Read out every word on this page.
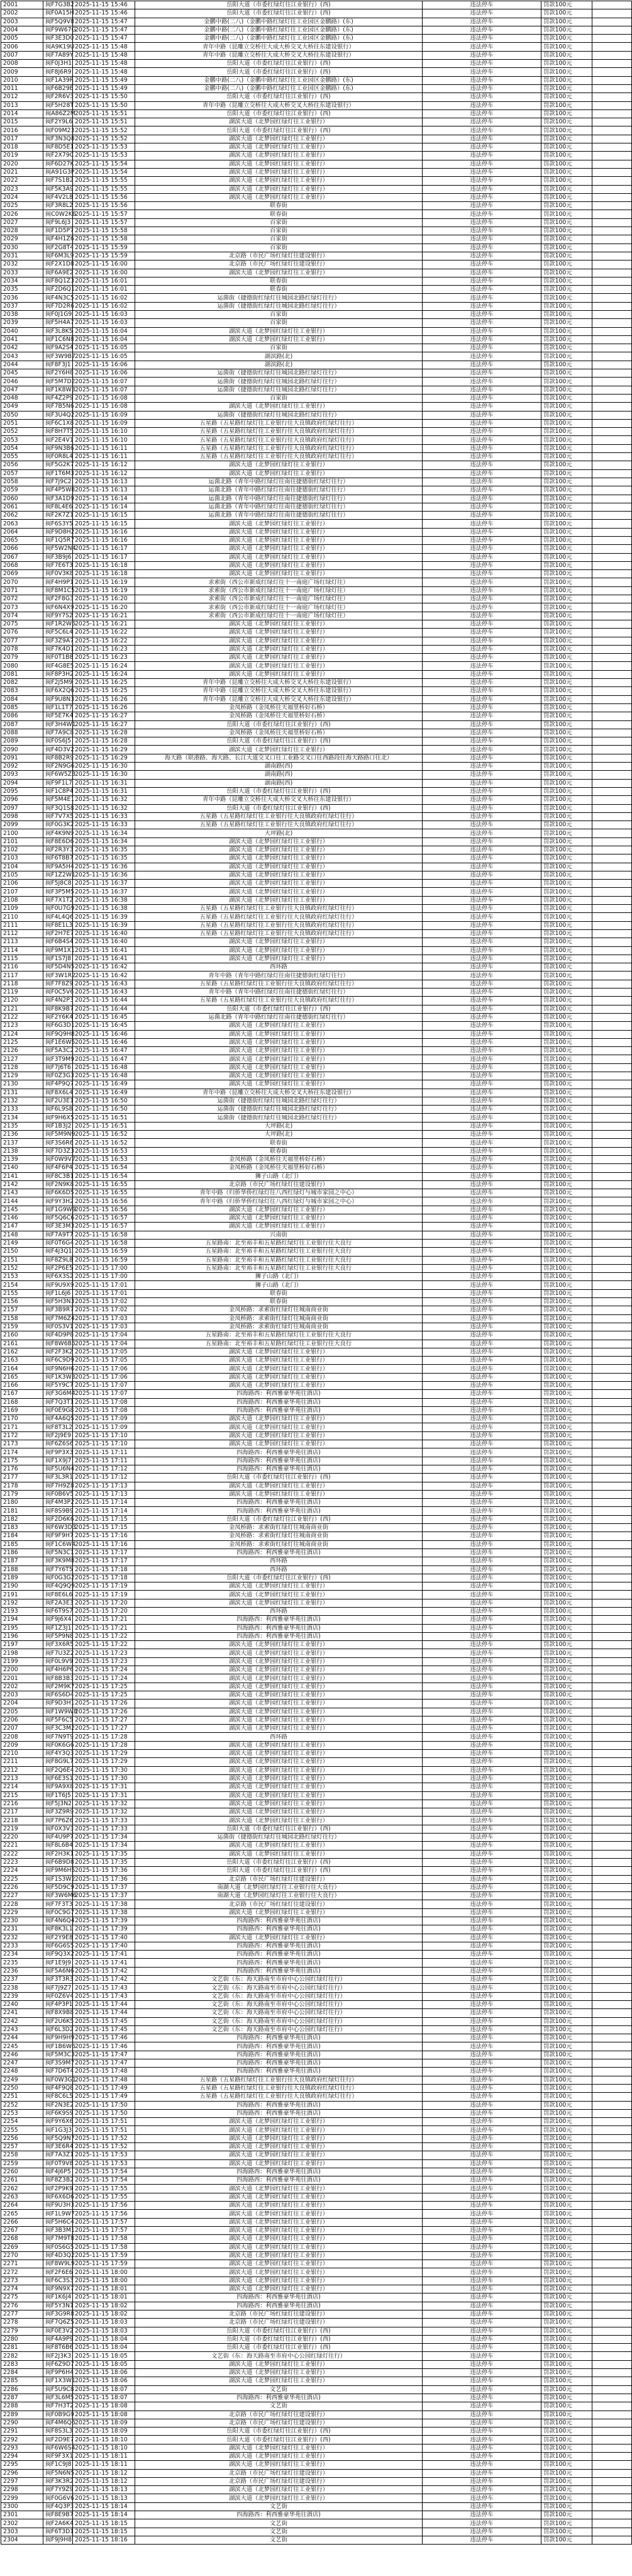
2001	闽F7G3B2	2025-11-15 15:46	岳阳大道（市委红绿灯往江业银行）(西)	违法停车	罚款100元	
2002	闽F0A15H	2025-11-15 15:46	岳阳大道（市委红绿灯往江业银行）(西)	违法停车	罚款100元	
2003	闽F5Q9V8	2025-11-15 15:47	金鹏中路(二八)（金鹏中路红绿灯往工业园区金鹏路）(东)	违法停车	罚款100元	
2004	闽F9W67G	2025-11-15 15:47	金鹏中路(二八)（金鹏中路红绿灯往工业园区金鹏路）(东)	违法停车	罚款100元	
2005	闽F3E3D0	2025-11-15 15:47	金鹏中路(二八)（金鹏中路红绿灯往工业园区金鹏路）(东)	违法停车	罚款100元	
2006	闽A9K19U	2025-11-15 15:48	青年中路（昆雕立交桥往大成大桥交叉大桥往东建设银行）	违法停车	罚款100元	
2007	闽F7A89Y	2025-11-15 15:48	青年中路（昆雕立交桥往大成大桥交叉大桥往东建设银行）	违法停车	罚款100元	
2008	闽F0J3H1	2025-11-15 15:48	岳阳大道（市委红绿灯往江业银行）(西)	违法停车	罚款100元	
2009	闽F8J6R9	2025-11-15 15:48	岳阳大道（市委红绿灯往江业银行）(西)	违法停车	罚款100元	
2010	闽F1A39R	2025-11-15 15:49	金鹏中路(二八)（金鹏中路红绿灯往工业园区金鹏路）(东)	违法停车	罚款100元	
2011	闽F6B29E	2025-11-15 15:49	金鹏中路(二八)（金鹏中路红绿灯往工业园区金鹏路）(东)	违法停车	罚款100元	
2012	闽F2R6V3	2025-11-15 15:50	岳阳大道（市委红绿灯往江业银行）(西)	违法停车	罚款100元	
2013	闽F5H28T	2025-11-15 15:50	青年中路（昆雕立交桥往大成大桥交叉大桥往东建设银行）	违法停车	罚款100元	
2014	闽A86Z2M	2025-11-15 15:51	岳阳大道（市委红绿灯往江业银行）(西)	违法停车	罚款100元	
2015	闽F2Y9L6	2025-11-15 15:51	湖滨大道（北梦园红绿灯往工业银行）	违法停车	罚款100元	
2016	闽F09M23	2025-11-15 15:52	岳阳大道（市委红绿灯往江业银行）(西)	违法停车	罚款100元	
2017	闽F3N3Q8	2025-11-15 15:52	湖滨大道（北梦园红绿灯往工业银行）	违法停车	罚款100元	
2018	闽F8D5E1	2025-11-15 15:53	湖滨大道（北梦园红绿灯往工业银行）	违法停车	罚款100元	
2019	闽F2X79C	2025-11-15 15:53	湖滨大道（北梦园红绿灯往工业银行）	违法停车	罚款100元	
2020	闽F6D27K	2025-11-15 15:54	湖滨大道（北梦园红绿灯往工业银行）	违法停车	罚款100元	
2021	闽A91G3P	2025-11-15 15:54	湖滨大道（北梦园红绿灯往工业银行）	违法停车	罚款100元	
2022	闽F7S1B2	2025-11-15 15:55	湖滨大道（北梦园红绿灯往工业银行）	违法停车	罚款100元	
2023	闽F5K3A9	2025-11-15 15:55	湖滨大道（北梦园红绿灯往工业银行）	违法停车	罚款100元	
2024	闽F4V2L8	2025-11-15 15:56	湖滨大道（北梦园红绿灯往工业银行）	违法停车	罚款100元	
2025	闽F3R8L2	2025-11-15 15:56	联春街	违法停车	罚款100元	
2026	闽C0W2K6	2025-11-15 15:57	联春街	违法停车	罚款100元	
2027	闽F9L6J3	2025-11-15 15:57	百家街	违法停车	罚款100元	
2028	闽F1D5P7	2025-11-15 15:58	百家街	违法停车	罚款100元	
2029	闽F4H1Z6	2025-11-15 15:58	百家街	违法停车	罚款100元	
2030	闽F2G8T4	2025-11-15 15:59	百家街	违法停车	罚款100元	
2031	闽F6M3L9	2025-11-15 15:59	北京路（市民广场红绿灯往建设银行）	违法停车	罚款100元	
2032	闽F2X1D8	2025-11-15 16:00	北京路（市民广场红绿灯往建设银行）	违法停车	罚款100元	
2033	闽F6A9E2	2025-11-15 16:00	湖滨大道（北梦园红绿灯往工业银行）	违法停车	罚款100元	
2034	闽F8Q1Z3	2025-11-15 16:01	联春街	违法停车	罚款100元	
2035	闽F2D6Q1	2025-11-15 16:01	联春街	违法停车	罚款100元	
2036	闽F4N3C5	2025-11-15 16:02	运菌街（捷德街红绿灯往城园北路红绿灯往行）	违法停车	罚款100元	
2037	闽F7D2R6	2025-11-15 16:02	运菌街（捷德街红绿灯往城园北路红绿灯往行）	违法停车	罚款100元	
2038	闽F0J1G9	2025-11-15 16:03	百家街	违法停车	罚款100元	
2039	闽F5H4A7	2025-11-15 16:03	百家街	违法停车	罚款100元	
2040	闽F3L8K5	2025-11-15 16:04	湖滨大道（北梦园红绿灯往工业银行）	违法停车	罚款100元	
2041	闽F1C6N8	2025-11-15 16:04	湖滨大道（北梦园红绿灯往工业银行）	违法停车	罚款100元	
2042	闽F9A2S4	2025-11-15 16:05	百家街	违法停车	罚款100元	
2043	闽F3W9B7	2025-11-15 16:05	湖滨路(北)	违法停车	罚款100元	
2044	闽F8F3J1	2025-11-15 16:06	湖滨路(北)	违法停车	罚款100元	
2045	闽F2Y6H8	2025-11-15 16:06	运菌街（捷德街红绿灯往城园北路红绿灯往行）	违法停车	罚款100元	
2046	闽F5M7D2	2025-11-15 16:07	运菌街（捷德街红绿灯往城园北路红绿灯往行）	违法停车	罚款100元	
2047	闽F1K8W3	2025-11-15 16:07	运菌街（捷德街红绿灯往城园北路红绿灯往行）	违法停车	罚款100元	
2048	闽F4Z2P9	2025-11-15 16:08	百家街	违法停车	罚款100元	
2049	闽F7B5N6	2025-11-15 16:08	湖滨大道（北梦园红绿灯往工业银行）	违法停车	罚款100元	
2050	闽F3U4Q2	2025-11-15 16:09	运菌街（捷德街红绿灯往城园北路红绿灯往行）	违法停车	罚款100元	
2051	闽F6C1X8	2025-11-15 16:09	五星路（五星路红绿灯往工业银行往大良镇政府红绿灯往行）	违法停车	罚款100元	
2052	闽F8H7T5	2025-11-15 16:10	五星路（五星路红绿灯往工业银行往大良镇政府红绿灯往行）	违法停车	罚款100元	
2053	闽F2E4V1	2025-11-15 16:10	五星路（五星路红绿灯往工业银行往大良镇政府红绿灯往行）	违法停车	罚款100元	
2054	闽F9N3B6	2025-11-15 16:11	五星路（五星路红绿灯往工业银行往大良镇政府红绿灯往行）	违法停车	罚款100元	
2055	闽F0R8L4	2025-11-15 16:11	五星路（五星路红绿灯往工业银行往大良镇政府红绿灯往行）	违法停车	罚款100元	
2056	闽F5G2K7	2025-11-15 16:12	湖滨大道（北梦园红绿灯往工业银行）	违法停车	罚款100元	
2057	闽F1T6M3	2025-11-15 16:12	湖滨大道（北梦园红绿灯往工业银行）	违法停车	罚款100元	
2058	闽F7J9C2	2025-11-15 16:13	运菌北路（青年中路红绿灯往南往捷德街红绿灯往行）	违法停车	罚款100元	
2059	闽F4P5W8	2025-11-15 16:13	运菌北路（青年中路红绿灯往南往捷德街红绿灯往行）	违法停车	罚款100元	
2060	闽F3A1D9	2025-11-15 16:14	运菌北路（青年中路红绿灯往南往捷德街红绿灯往行）	违法停车	罚款100元	
2061	闽F8L4E6	2025-11-15 16:14	运菌北路（青年中路红绿灯往南往捷德街红绿灯往行）	违法停车	罚款100元	
2062	闽F2K7Z1	2025-11-15 16:15	运菌北路（青年中路红绿灯往南往捷德街红绿灯往行）	违法停车	罚款100元	
2063	闽F6S3Y5	2025-11-15 16:15	湖滨大道（北梦园红绿灯往工业银行）	违法停车	罚款100元	
2064	闽F9D8H2	2025-11-15 16:16	湖滨大道（北梦园红绿灯往工业银行）	违法停车	罚款100元	
2065	闽F1Q5R7	2025-11-15 16:16	湖滨大道（北梦园红绿灯往工业银行）	违法停车	罚款100元	
2066	闽F5W2N4	2025-11-15 16:17	湖滨大道（北梦园红绿灯往工业银行）	违法停车	罚款100元	
2067	闽F3B9J6	2025-11-15 16:17	湖滨大道（北梦园红绿灯往工业银行）	违法停车	罚款100元	
2068	闽F7E6T3	2025-11-15 16:18	湖滨大道（北梦园红绿灯往工业银行）	违法停车	罚款100元	
2069	闽F0V3K8	2025-11-15 16:18	湖滨大道（北梦园红绿灯往工业银行）	违法停车	罚款100元	
2070	闽F4H9P1	2025-11-15 16:19	求索街（西公市新成红绿灯往十一南庭广场红绿灯往）	违法停车	罚款100元	
2071	闽F8M1C5	2025-11-15 16:19	求索街（西公市新成红绿灯往十一南庭广场红绿灯往）	违法停车	罚款100元	
2072	闽F2F8G3	2025-11-15 16:20	求索街（西公市新成红绿灯往十一南庭广场红绿灯往）	违法停车	罚款100元	
2073	闽F6N4X9	2025-11-15 16:20	求索街（西公市新成红绿灯往十一南庭广场红绿灯往）	违法停车	罚款100元	
2074	闽F9Y7S2	2025-11-15 16:21	求索街（西公市新成红绿灯往十一南庭广场红绿灯往）	违法停车	罚款100元	
2075	闽F1R2W6	2025-11-15 16:21	湖滨大道（北梦园红绿灯往工业银行）	违法停车	罚款100元	
2076	闽F5C6L4	2025-11-15 16:22	湖滨大道（北梦园红绿灯往工业银行）	违法停车	罚款100元	
2077	闽F3Z9A7	2025-11-15 16:22	湖滨大道（北梦园红绿灯往工业银行）	违法停车	罚款100元	
2078	闽F7K4D1	2025-11-15 16:23	湖滨大道（北梦园红绿灯往工业银行）	违法停车	罚款100元	
2079	闽F0T1B8	2025-11-15 16:23	湖滨大道（北梦园红绿灯往工业银行）	违法停车	罚款100元	
2080	闽F4G8E5	2025-11-15 16:24	湖滨大道（北梦园红绿灯往工业银行）	违法停车	罚款100元	
2081	闽F8P3H2	2025-11-15 16:24	湖滨大道（北梦园红绿灯往工业银行）	违法停车	罚款100元	
2082	闽F2J5M9	2025-11-15 16:25	青年中路（昆雕立交桥往大成大桥交叉大桥往东建设银行）	违法停车	罚款100元	
2083	闽F6X2Q6	2025-11-15 16:25	青年中路（昆雕立交桥往大成大桥交叉大桥往东建设银行）	违法停车	罚款100元	
2084	闽F9U8N3	2025-11-15 16:26	青年中路（昆雕立交桥往大成大桥交叉大桥往东建设银行）	违法停车	罚款100元	
2085	闽F1L1T7	2025-11-15 16:26	金凤桥路（金凤桥往天福里桥好石桥）	违法停车	罚款100元	
2086	闽F5E7K4	2025-11-15 16:27	金凤桥路（金凤桥往天福里桥好石桥）	违法停车	罚款100元	
2087	闽F3H4W1	2025-11-15 16:27	岳阳大道（市委红绿灯往江业银行）(西)	违法停车	罚款100元	
2088	闽F7A9C8	2025-11-15 16:28	金凤桥路（金凤桥往天福里桥好石桥）	违法停车	罚款100元	
2089	闽F0S6J5	2025-11-15 16:28	岳阳大道（市委红绿灯往江业银行）(西)	违法停车	罚款100元	
2090	闽F4D3V2	2025-11-15 16:29	湖滨大道（北梦园红绿灯往工业银行）	违法停车	罚款100元	
2091	闽F8B2R9	2025-11-15 16:29	海天路（联港路、海天路、长江大道交叉口往工业路交叉口往西路段往海天路路口往北）	违法停车	罚款100元	
2092	闽F2N9G6	2025-11-15 16:30	湖南路(西)	违法停车	罚款100元	
2093	闽F6W5Z3	2025-11-15 16:30	湖南路(西)	违法停车	罚款100元	
2094	闽F9F1L7	2025-11-15 16:31	湖南路(西)	违法停车	罚款100元	
2095	闽F1C8P4	2025-11-15 16:31	岳阳大道（市委红绿灯往江业银行）(西)	违法停车	罚款100元	
2096	闽F5M4E1	2025-11-15 16:32	青年中路（昆雕立交桥往大成大桥交叉大桥往东建设银行）	违法停车	罚款100元	
2097	闽F3Q1S8	2025-11-15 16:32	岳阳大道（市委红绿灯往江业银行）(西)	违法停车	罚款100元	
2098	闽F7V7X5	2025-11-15 16:33	五星路（五星路红绿灯往工业银行往大良镇政府红绿灯往行）	违法停车	罚款100元	
2099	闽F0G3K2	2025-11-15 16:33	五星路（五星路红绿灯往工业银行往大良镇政府红绿灯往行）	违法停车	罚款100元	
2100	闽F4K9N9	2025-11-15 16:34	大坪路(北)	违法停车	罚款100元	
2101	闽F8E6D6	2025-11-15 16:34	湖滨大道（北梦园红绿灯往工业银行）	违法停车	罚款100元	
2102	闽F2R3Y3	2025-11-15 16:35	湖滨大道（北梦园红绿灯往工业银行）	违法停车	罚款100元	
2103	闽F6T8B7	2025-11-15 16:35	湖滨大道（北梦园红绿灯往工业银行）	违法停车	罚款100元	
2104	闽F9A5H4	2025-11-15 16:36	湖滨大道（北梦园红绿灯往工业银行）	违法停车	罚款100元	
2105	闽F1Z2W1	2025-11-15 16:36	湖滨大道（北梦园红绿灯往工业银行）	违法停车	罚款100元	
2106	闽F5J8C8	2025-11-15 16:37	湖滨大道（北梦园红绿灯往工业银行）	违法停车	罚款100元	
2107	闽F3P5M5	2025-11-15 16:37	湖滨大道（北梦园红绿灯往工业银行）	违法停车	罚款100元	
2108	闽F7X1T2	2025-11-15 16:38	湖滨大道（北梦园红绿灯往工业银行）	违法停车	罚款100元	
2109	闽F0U7G9	2025-11-15 16:38	五星路（五星路红绿灯往工业银行往大良镇政府红绿灯往行）	违法停车	罚款100元	
2110	闽F4L4Q6	2025-11-15 16:39	五星路（五星路红绿灯往工业银行往大良镇政府红绿灯往行）	违法停车	罚款100元	
2111	闽F8E1L3	2025-11-15 16:39	五星路（五星路红绿灯往工业银行往大良镇政府红绿灯往行）	违法停车	罚款100元	
2112	闽F2H7E7	2025-11-15 16:40	五星路（五星路红绿灯往工业银行往大良镇政府红绿灯往行）	违法停车	罚款100元	
2113	闽F6B4S4	2025-11-15 16:40	湖滨大道（北梦园红绿灯往工业银行）	违法停车	罚款100元	
2114	闽F9M1X1	2025-11-15 16:41	湖滨大道（北梦园红绿灯往工业银行）	违法停车	罚款100元	
2115	闽F1S7J8	2025-11-15 16:41	湖滨大道（北梦园红绿灯往工业银行）	违法停车	罚款100元	
2116	闽F5D4N5	2025-11-15 16:42	西环路	违法停车	罚款100元	
2117	闽F3W1R2	2025-11-15 16:42	青年中路（青年中路红绿灯往南往捷德街红绿灯往行）	违法停车	罚款100元	
2118	闽F7F8Z9	2025-11-15 16:43	五星路（五星路红绿灯往工业银行往大良镇政府红绿灯往行）	违法停车	罚款100元	
2119	闽F0C5V6	2025-11-15 16:43	青年中路（青年中路红绿灯往南往捷德街红绿灯往行）	违法停车	罚款100元	
2120	闽F4N2P3	2025-11-15 16:44	五星路（五星路红绿灯往工业银行往大良镇政府红绿灯往行）	违法停车	罚款100元	
2121	闽F8K9B7	2025-11-15 16:44	岳阳大道（市委红绿灯往江业银行）(西)	违法停车	罚款100元	
2122	闽F2Y6K4	2025-11-15 16:45	运菌北路（青年中路红绿灯往南往捷德街红绿灯往行）	违法停车	罚款100元	
2123	闽F6G3D1	2025-11-15 16:45	湖滨大道（北梦园红绿灯往工业银行）	违法停车	罚款100元	
2124	闽F9Q9H8	2025-11-15 16:46	湖滨大道（北梦园红绿灯往工业银行）	违法停车	罚款100元	
2125	闽F1E6W5	2025-11-15 16:46	湖滨大道（北梦园红绿灯往工业银行）	违法停车	罚款100元	
2126	闽F5A3C2	2025-11-15 16:47	湖滨大道（北梦园红绿灯往工业银行）	违法停车	罚款100元	
2127	闽F3T9M9	2025-11-15 16:47	湖滨大道（北梦园红绿灯往工业银行）	违法停车	罚款100元	
2128	闽F7J6T6	2025-11-15 16:48	湖滨大道（北梦园红绿灯往工业银行）	违法停车	罚款100元	
2129	闽F0Z3G3	2025-11-15 16:48	湖滨大道（北梦园红绿灯往工业银行）	违法停车	罚款100元	
2130	闽F4P9Q7	2025-11-15 16:49	湖滨大道（北梦园红绿灯往工业银行）	违法停车	罚款100元	
2131	闽F8X6L4	2025-11-15 16:49	青年中路（昆雕立交桥往大成大桥交叉大桥往东建设银行）	违法停车	罚款100元	
2132	闽F2U3E1	2025-11-15 16:50	运菌街（捷德街红绿灯往城园北路红绿灯往行）	违法停车	罚款100元	
2133	闽F6L9S8	2025-11-15 16:50	运菌街（捷德街红绿灯往城园北路红绿灯往行）	违法停车	罚款100元	
2134	闽F9H6X5	2025-11-15 16:51	运菌街（捷德街红绿灯往城园北路红绿灯往行）	违法停车	罚款100元	
2135	闽F1B3J2	2025-11-15 16:51	大坪路(北)	违法停车	罚款100元	
2136	闽F5M9N9	2025-11-15 16:52	大坪路(北)	违法停车	罚款100元	
2137	闽F3S6R6	2025-11-15 16:52	联春街	违法停车	罚款100元	
2138	闽F7D3Z3	2025-11-15 16:53	联春街	违法停车	罚款100元	
2139	闽F0W9V7	2025-11-15 16:53	金凤桥路（金凤桥往天福里桥好石桥）	违法停车	罚款100元	
2140	闽F4F6P4	2025-11-15 16:54	金凤桥路（金凤桥往天福里桥好石桥）	违法停车	罚款100元	
2141	闽F8C3B1	2025-11-15 16:54	狮子山路（北门）	违法停车	罚款100元	
2142	闽F2N9K8	2025-11-15 16:55	北京路（市民广场红绿灯往建设银行）	违法停车	罚款100元	
2143	闽F6K6D5	2025-11-15 16:55	青年中路（归侨华侨红绿灯往八西红绿灯与城市家园之中心）	违法停车	罚款100元	
2144	闽F9Y3H2	2025-11-15 16:56	青年中路（归侨华侨红绿灯往八西红绿灯与城市家园之中心）	违法停车	罚款100元	
2145	闽F1G9W9	2025-11-15 16:56	湖滨大道（北梦园红绿灯往工业银行）	违法停车	罚款100元	
2146	闽F5Q6C6	2025-11-15 16:57	湖滨大道（北梦园红绿灯往工业银行）	违法停车	罚款100元	
2147	闽F3E3M3	2025-11-15 16:57	湖滨大道（北梦园红绿灯往工业银行）	违法停车	罚款100元	
2148	闽F7A9T7	2025-11-15 16:58	兴南街	违法停车	罚款100元	
2149	闽F0T6G4	2025-11-15 16:58	五星路南：北至裕丰和五星路红绿灯往工业银行往大良行	违法停车	罚款100元	
2150	闽F4J3Q1	2025-11-15 16:59	五星路南：北至裕丰和五星路红绿灯往工业银行往大良行	违法停车	罚款100元	
2151	闽F8Z9L8	2025-11-15 16:59	五星路南：北至裕丰和五星路红绿灯往工业银行往大良行	违法停车	罚款100元	
2152	闽F2P6E5	2025-11-15 17:00	五星路南：北至裕丰和五星路红绿灯往工业银行往大良行	违法停车	罚款100元	
2153	闽F6X3S2	2025-11-15 17:00	狮子山路（北门）	违法停车	罚款100元	
2154	闽F9U9X9	2025-11-15 17:01	狮子山路（北门）	违法停车	罚款100元	
2155	闽F1L6J6	2025-11-15 17:01	联春街	违法停车	罚款100元	
2156	闽F5H3N3	2025-11-15 17:02	联春街	违法停车	罚款100元	
2157	闽F3B9R7	2025-11-15 17:02	金凤桥路：求索街红绿灯往城南商业街	违法停车	罚款100元	
2158	闽F7M6Z4	2025-11-15 17:03	金凤桥路：求索街红绿灯往城南商业街	违法停车	罚款100元	
2159	闽F0S3V1	2025-11-15 17:03	金凤桥路：求索街红绿灯往城南商业街	违法停车	罚款100元	
2160	闽F4D9P8	2025-11-15 17:04	五星路南：北至裕丰和五星路红绿灯往工业银行往大良行	违法停车	罚款100元	
2161	闽F8W6B5	2025-11-15 17:04	五星路南：北至裕丰和五星路红绿灯往工业银行往大良行	违法停车	罚款100元	
2162	闽F2F3K2	2025-11-15 17:05	湖滨大道（北梦园红绿灯往工业银行）	违法停车	罚款100元	
2163	闽F6C9D9	2025-11-15 17:05	湖滨大道（北梦园红绿灯往工业银行）	违法停车	罚款100元	
2164	闽F9N6H6	2025-11-15 17:06	湖滨大道（北梦园红绿灯往工业银行）	违法停车	罚款100元	
2165	闽F1K3W3	2025-11-15 17:06	湖滨大道（北梦园红绿灯往工业银行）	违法停车	罚款100元	
2166	闽F5Y9C7	2025-11-15 17:07	湖滨大道（北梦园红绿灯往工业银行）	违法停车	罚款100元	
2167	闽F3G6M4	2025-11-15 17:07	四海路西：利西雅豪华苑往酒店)	违法停车	罚款100元	
2168	闽F7Q3T1	2025-11-15 17:08	四海路西：利西雅豪华苑往酒店)	违法停车	罚款100元	
2169	闽F0E9G8	2025-11-15 17:08	四海路西：利西雅豪华苑往酒店)	违法停车	罚款100元	
2170	闽F4A6Q5	2025-11-15 17:09	湖滨大道（北梦园红绿灯往工业银行）	违法停车	罚款100元	
2171	闽F8T3L2	2025-11-15 17:09	湖滨大道（北梦园红绿灯往工业银行）	违法停车	罚款100元	
2172	闽F2J9E9	2025-11-15 17:10	湖滨大道（北梦园红绿灯往工业银行）	违法停车	罚款100元	
2173	闽F6Z6S6	2025-11-15 17:10	湖滨大道（北梦园红绿灯往工业银行）	违法停车	罚款100元	
2174	闽F9P3X3	2025-11-15 17:11	四海路西：利西雅豪华苑往酒店)	违法停车	罚款100元	
2175	闽F1X9J7	2025-11-15 17:11	四海路西：利西雅豪华苑往酒店)	违法停车	罚款100元	
2176	闽F5U6N4	2025-11-15 17:12	四海路西：利西雅豪华苑往酒店)	违法停车	罚款100元	
2177	闽F3L3R1	2025-11-15 17:12	岳阳大道（市委红绿灯往江业银行）(西)	违法停车	罚款100元	
2178	闽F7H9Z8	2025-11-15 17:13	湖滨大道（北梦园红绿灯往工业银行）	违法停车	罚款100元	
2179	闽F0B6V5	2025-11-15 17:13	湖滨大道（北梦园红绿灯往工业银行）	违法停车	罚款100元	
2180	闽F4M3P2	2025-11-15 17:14	四海路西：利西雅豪华苑往酒店)	违法停车	罚款100元	
2181	闽F8S9B9	2025-11-15 17:14	四海路西：利西雅豪华苑往酒店)	违法停车	罚款100元	
2182	闽F2D6K6	2025-11-15 17:15	岳阳大道（市委红绿灯往江业银行）(西)	违法停车	罚款100元	
2183	闽F6W3D3	2025-11-15 17:15	金凤桥路：求索街红绿灯往城南商业街	违法停车	罚款100元	
2184	闽F9F9H7	2025-11-15 17:16	金凤桥路：求索街红绿灯往城南商业街	违法停车	罚款100元	
2185	闽F1C6W4	2025-11-15 17:16	金凤桥路：求索街红绿灯往城南商业街	违法停车	罚款100元	
2186	闽F5N3C1	2025-11-15 17:17	四海路西：利西雅豪华苑往酒店)	违法停车	罚款100元	
2187	闽F3K9M8	2025-11-15 17:17	西环路	违法停车	罚款100元	
2188	闽F7Y6T5	2025-11-15 17:18	西环路	违法停车	罚款100元	
2189	闽F0G3G2	2025-11-15 17:18	岳阳大道（市委红绿灯往江业银行）(西)	违法停车	罚款100元	
2190	闽F4Q9Q9	2025-11-15 17:19	湖滨大道（北梦园红绿灯往工业银行）	违法停车	罚款100元	
2191	闽F8E6L6	2025-11-15 17:19	湖滨大道（北梦园红绿灯往工业银行）	违法停车	罚款100元	
2192	闽F2A3E3	2025-11-15 17:20	湖滨大道（北梦园红绿灯往工业银行）	违法停车	罚款100元	
2193	闽F6T9S7	2025-11-15 17:20	西环路	违法停车	罚款100元	
2194	闽F9J6X4	2025-11-15 17:21	四海路西：利西雅豪华苑往酒店)	违法停车	罚款100元	
2195	闽F1Z3J1	2025-11-15 17:21	四海路西：利西雅豪华苑往酒店)	违法停车	罚款100元	
2196	闽F5P9N8	2025-11-15 17:22	四海路西：利西雅豪华苑往酒店)	违法停车	罚款100元	
2197	闽F3X6R5	2025-11-15 17:22	湖滨大道（北梦园红绿灯往工业银行）	违法停车	罚款100元	
2198	闽F7U3Z2	2025-11-15 17:23	湖滨大道（北梦园红绿灯往工业银行）	违法停车	罚款100元	
2199	闽F0L9V9	2025-11-15 17:23	湖滨大道（北梦园红绿灯往工业银行）	违法停车	罚款100元	
2200	闽F4H6P6	2025-11-15 17:24	湖滨大道（北梦园红绿灯往工业银行）	违法停车	罚款100元	
2201	闽F8B3B3	2025-11-15 17:24	湖滨大道（北梦园红绿灯往工业银行）	违法停车	罚款100元	
2202	闽F2M9K7	2025-11-15 17:25	湖滨大道（北梦园红绿灯往工业银行）	违法停车	罚款100元	
2203	闽F6S6D4	2025-11-15 17:25	湖滨大道（北梦园红绿灯往工业银行）	违法停车	罚款100元	
2204	闽F9D3H1	2025-11-15 17:26	湖滨大道（北梦园红绿灯往工业银行）	违法停车	罚款100元	
2205	闽F1W9W8	2025-11-15 17:26	湖滨大道（北梦园红绿灯往工业银行）	违法停车	罚款100元	
2206	闽F5F6C5	2025-11-15 17:27	湖滨大道（北梦园红绿灯往工业银行）	违法停车	罚款100元	
2207	闽F3C3M2	2025-11-15 17:27	湖滨大道（北梦园红绿灯往工业银行）	违法停车	罚款100元	
2208	闽F7N9T9	2025-11-15 17:28	西环路	违法停车	罚款100元	
2209	闽F0K6G6	2025-11-15 17:28	湖滨大道（北梦园红绿灯往工业银行）	违法停车	罚款100元	
2210	闽F4Y3Q3	2025-11-15 17:29	湖滨大道（北梦园红绿灯往工业银行）	违法停车	罚款100元	
2211	闽F8G9L7	2025-11-15 17:29	湖滨大道（北梦园红绿灯往工业银行）	违法停车	罚款100元	
2212	闽F2Q6E4	2025-11-15 17:30	湖滨大道（北梦园红绿灯往工业银行）	违法停车	罚款100元	
2213	闽F6E3S1	2025-11-15 17:30	湖滨大道（北梦园红绿灯往工业银行）	违法停车	罚款100元	
2214	闽F9A9X8	2025-11-15 17:31	湖滨大道（北梦园红绿灯往工业银行）	违法停车	罚款100元	
2215	闽F1T6J5	2025-11-15 17:31	湖滨大道（北梦园红绿灯往工业银行）	违法停车	罚款100元	
2216	闽F5J3N2	2025-11-15 17:32	湖滨大道（北梦园红绿灯往工业银行）	违法停车	罚款100元	
2217	闽F3Z9R9	2025-11-15 17:32	湖滨大道（北梦园红绿灯往工业银行）	违法停车	罚款100元	
2218	闽F7P6Z6	2025-11-15 17:33	湖滨大道（北梦园红绿灯往工业银行）	违法停车	罚款100元	
2219	闽F0X3V3	2025-11-15 17:33	岳阳大道（市委红绿灯往江业银行）(西)	违法停车	罚款100元	
2220	闽F4U9P7	2025-11-15 17:34	运菌街（捷德街红绿灯往城园北路红绿灯往行）	违法停车	罚款100元	
2221	闽F8L6B4	2025-11-15 17:34	湖滨大道（北梦园红绿灯往工业银行）	违法停车	罚款100元	
2222	闽F2H3K1	2025-11-15 17:35	湖滨大道（北梦园红绿灯往工业银行）	违法停车	罚款100元	
2223	闽F6B9D8	2025-11-15 17:35	岳阳大道（市委红绿灯往江业银行）(西)	违法停车	罚款100元	
2224	闽F9M6H5	2025-11-15 17:36	岳阳大道（市委红绿灯往江业银行）(西)	违法停车	罚款100元	
2225	闽F1S3W2	2025-11-15 17:36	北京路（市民广场红绿灯往建设银行）	违法停车	罚款100元	
2226	闽F5D9C9	2025-11-15 17:37	南湖大道（北梦园红绿灯往工业银行往大良行）	违法停车	罚款100元	
2227	闽F3W6M6	2025-11-15 17:37	南湖大道（北梦园红绿灯往工业银行往大良行）	违法停车	罚款100元	
2228	闽F7F3T3	2025-11-15 17:38	北京路（市民广场红绿灯往建设银行）	违法停车	罚款100元	
2229	闽F0C9G7	2025-11-15 17:38	湖滨大道（北梦园红绿灯往工业银行）	违法停车	罚款100元	
2230	闽F4N6Q4	2025-11-15 17:39	四海路西：利西雅豪华苑往酒店)	违法停车	罚款100元	
2231	闽F8K3L1	2025-11-15 17:39	四海路西：利西雅豪华苑往酒店)	违法停车	罚款100元	
2232	闽F2Y9E8	2025-11-15 17:40	湖滨大道（北梦园红绿灯往工业银行）	违法停车	罚款100元	
2233	闽F6G6S5	2025-11-15 17:40	四海路西：利西雅豪华苑往酒店)	违法停车	罚款100元	
2234	闽F9Q3X2	2025-11-15 17:41	四海路西：利西雅豪华苑往酒店)	违法停车	罚款100元	
2235	闽F1E9J9	2025-11-15 17:41	四海路西：利西雅豪华苑往酒店)	违法停车	罚款100元	
2236	闽F5A6N6	2025-11-15 17:42	四海路西：利西雅豪华苑往酒店)	违法停车	罚款100元	
2237	闽F3T3R3	2025-11-15 17:42	文艺街（东：海天路南至市府中心公园红绿灯往行）	违法停车	罚款100元	
2238	闽F7J9Z7	2025-11-15 17:43	文艺街（东：海天路南至市府中心公园红绿灯往行）	违法停车	罚款100元	
2239	闽F0Z6V4	2025-11-15 17:43	文艺街（东：海天路南至市府中心公园红绿灯往行）	违法停车	罚款100元	
2240	闽F4P3P1	2025-11-15 17:44	文艺街（东：海天路南至市府中心公园红绿灯往行）	违法停车	罚款100元	
2241	闽F8X9B8	2025-11-15 17:44	文艺街（东：海天路南至市府中心公园红绿灯往行）	违法停车	罚款100元	
2242	闽F2U6K5	2025-11-15 17:45	文艺街（东：海天路南至市府中心公园红绿灯往行）	违法停车	罚款100元	
2243	闽F6L3D2	2025-11-15 17:45	文艺街（东：海天路南至市府中心公园红绿灯往行）	违法停车	罚款100元	
2244	闽F9H9H9	2025-11-15 17:46	四海路西：利西雅豪华苑往酒店)	违法停车	罚款100元	
2245	闽F1B6W6	2025-11-15 17:46	四海路西：利西雅豪华苑往酒店)	违法停车	罚款100元	
2246	闽F5M3C3	2025-11-15 17:47	四海路西：利西雅豪华苑往酒店)	违法停车	罚款100元	
2247	闽F3S9M7	2025-11-15 17:47	四海路西：利西雅豪华苑往酒店)	违法停车	罚款100元	
2248	闽F7D6T4	2025-11-15 17:48	四海路西：利西雅豪华苑往酒店)	违法停车	罚款100元	
2249	闽F0W3G1	2025-11-15 17:48	五星路（五星路红绿灯往工业银行往大良镇政府红绿灯往行）	违法停车	罚款100元	
2250	闽F4F9Q8	2025-11-15 17:49	五星路（五星路红绿灯往工业银行往大良镇政府红绿灯往行）	违法停车	罚款100元	
2251	闽F8C6L5	2025-11-15 17:49	五星路（五星路红绿灯往工业银行往大良镇政府红绿灯往行）	违法停车	罚款100元	
2252	闽F2N3E2	2025-11-15 17:50	四海路西：利西雅豪华苑往酒店)	违法停车	罚款100元	
2253	闽F6K9S9	2025-11-15 17:50	四海路西：利西雅豪华苑往酒店)	违法停车	罚款100元	
2254	闽F9Y6X6	2025-11-15 17:51	湖滨大道（北梦园红绿灯往工业银行）	违法停车	罚款100元	
2255	闽F1G3J3	2025-11-15 17:51	湖滨大道（北梦园红绿灯往工业银行）	违法停车	罚款100元	
2256	闽F5Q9N7	2025-11-15 17:52	湖滨大道（北梦园红绿灯往工业银行）	违法停车	罚款100元	
2257	闽F3E6R4	2025-11-15 17:52	湖滨大道（北梦园红绿灯往工业银行）	违法停车	罚款100元	
2258	闽F7A3Z1	2025-11-15 17:53	湖滨大道（北梦园红绿灯往工业银行）	违法停车	罚款100元	
2259	闽F0T9V8	2025-11-15 17:53	湖滨大道（北梦园红绿灯往工业银行）	违法停车	罚款100元	
2260	闽F4J6P5	2025-11-15 17:54	四海路西：利西雅豪华苑往酒店)	违法停车	罚款100元	
2261	闽F8Z3B2	2025-11-15 17:54	四海路西：利西雅豪华苑往酒店)	违法停车	罚款100元	
2262	闽F2P9K9	2025-11-15 17:55	湖滨大道（北梦园红绿灯往工业银行）	违法停车	罚款100元	
2263	闽F6X6D6	2025-11-15 17:55	湖滨大道（北梦园红绿灯往工业银行）	违法停车	罚款100元	
2264	闽F9U3H3	2025-11-15 17:56	湖滨大道（北梦园红绿灯往工业银行）	违法停车	罚款100元	
2265	闽F1L9W7	2025-11-15 17:56	湖滨大道（北梦园红绿灯往工业银行）	违法停车	罚款100元	
2266	闽F5H6C4	2025-11-15 17:57	湖滨大道（北梦园红绿灯往工业银行）	违法停车	罚款100元	
2267	闽F3B3M1	2025-11-15 17:57	湖滨大道（北梦园红绿灯往工业银行）	违法停车	罚款100元	
2268	闽F7M9T8	2025-11-15 17:58	湖滨大道（北梦园红绿灯往工业银行）	违法停车	罚款100元	
2269	闽F0S6G5	2025-11-15 17:58	湖滨大道（北梦园红绿灯往工业银行）	违法停车	罚款100元	
2270	闽F4D3Q2	2025-11-15 17:59	湖滨大道（北梦园红绿灯往工业银行）	违法停车	罚款100元	
2271	闽F8W9L9	2025-11-15 17:59	湖滨大道（北梦园红绿灯往工业银行）	违法停车	罚款100元	
2272	闽F2F6E6	2025-11-15 18:00	湖滨大道（北梦园红绿灯往工业银行）	违法停车	罚款100元	
2273	闽F6C3S3	2025-11-15 18:00	湖滨大道（北梦园红绿灯往工业银行）	违法停车	罚款100元	
2274	闽F9N9X7	2025-11-15 18:01	湖滨大道（北梦园红绿灯往工业银行）	违法停车	罚款100元	
2275	闽F1K6J4	2025-11-15 18:01	四海路西：利西雅豪华苑往酒店)	违法停车	罚款100元	
2276	闽F5Y3N1	2025-11-15 18:02	四海路西：利西雅豪华苑往酒店)	违法停车	罚款100元	
2277	闽F3G9R8	2025-11-15 18:02	北京路（市民广场红绿灯往建设银行）	违法停车	罚款100元	
2278	闽F7Q6Z5	2025-11-15 18:03	北京路（市民广场红绿灯往建设银行）	违法停车	罚款100元	
2279	闽F0E3V2	2025-11-15 18:03	岳阳大道（市委红绿灯往江业银行）(西)	违法停车	罚款100元	
2280	闽F4A9P9	2025-11-15 18:04	岳阳大道（市委红绿灯往江业银行）(西)	违法停车	罚款100元	
2281	闽F8T6B6	2025-11-15 18:04	岳阳大道（市委红绿灯往江业银行）(西)	违法停车	罚款100元	
2282	闽F2J3K3	2025-11-15 18:05	文艺街（东：海天路南至市府中心公园红绿灯往行）	违法停车	罚款100元	
2283	闽F6Z9D7	2025-11-15 18:05	湖滨大道（北梦园红绿灯往工业银行）	违法停车	罚款100元	
2284	闽F9P6H4	2025-11-15 18:06	湖滨大道（北梦园红绿灯往工业银行）	违法停车	罚款100元	
2285	闽F1X3W1	2025-11-15 18:06	湖滨大道（北梦园红绿灯往工业银行）	违法停车	罚款100元	
2286	闽F5U9C8	2025-11-15 18:07	文艺街	违法停车	罚款100元	
2287	闽F3L6M5	2025-11-15 18:07	四海路西：利西雅豪华苑往酒店)	违法停车	罚款100元	
2288	闽F7H3T2	2025-11-15 18:08	文艺街	违法停车	罚款100元	
2289	闽F0B9G9	2025-11-15 18:08	北京路（市民广场红绿灯往建设银行）	违法停车	罚款100元	
2290	闽F4M6Q6	2025-11-15 18:09	北京路（市民广场红绿灯往建设银行）	违法停车	罚款100元	
2291	闽F8S3L3	2025-11-15 18:09	岳阳大道（市委红绿灯往江业银行）(西)	违法停车	罚款100元	
2292	闽F2D9E7	2025-11-15 18:10	岳阳大道（市委红绿灯往江业银行）(西)	违法停车	罚款100元	
2293	闽F6W6S4	2025-11-15 18:10	湖滨大道（北梦园红绿灯往工业银行）	违法停车	罚款100元	
2294	闽F9F3X1	2025-11-15 18:11	湖滨大道（北梦园红绿灯往工业银行）	违法停车	罚款100元	
2295	闽F1C9J8	2025-11-15 18:11	湖滨大道（北梦园红绿灯往工业银行）	违法停车	罚款100元	
2296	闽F5N6N5	2025-11-15 18:12	北京路（市民广场红绿灯往建设银行）	违法停车	罚款100元	
2297	闽F3K3R2	2025-11-15 18:12	北京路（市民广场红绿灯往建设银行）	违法停车	罚款100元	
2298	闽F7Y9Z9	2025-11-15 18:13	湖滨大道（北梦园红绿灯往工业银行）	违法停车	罚款100元	
2299	闽F0G6V6	2025-11-15 18:13	湖滨大道（北梦园红绿灯往工业银行）	违法停车	罚款100元	
2300	闽F4Q3P3	2025-11-15 18:14	文艺街	违法停车	罚款100元	
2301	闽F8E9B7	2025-11-15 18:14	四海路西：利西雅豪华苑往酒店)	违法停车	罚款100元	
2302	闽F2A6K4	2025-11-15 18:15	文艺街	违法停车	罚款100元	
2303	闽F6T3D1	2025-11-15 18:15	文艺街	违法停车	罚款100元	
2304	闽F9J9H8	2025-11-15 18:16	文艺街	违法停车	罚款100元	
